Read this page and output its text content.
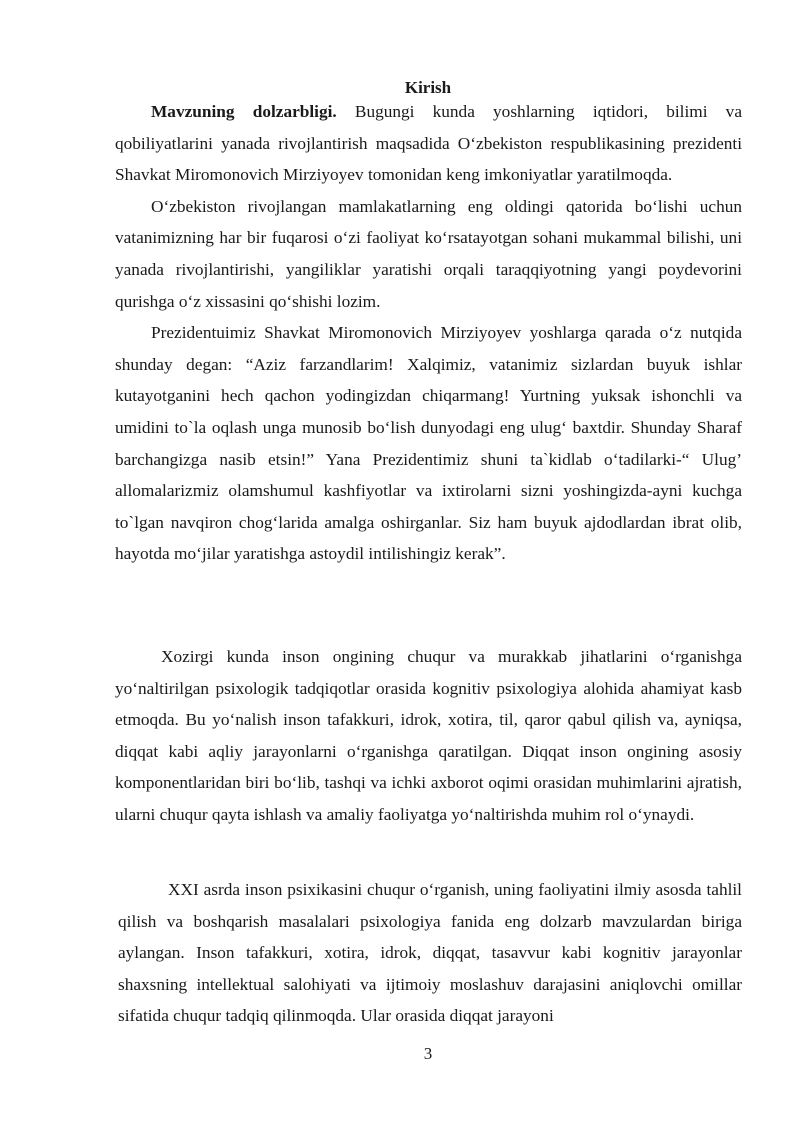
Kirish

Mavzuning dolzarbligi. Bugungi kunda yoshlarning iqtidori, bilimi va qobiliyatlarini yanada rivojlantirish maqsadida O‘zbekiston respublikasining prezidenti Shavkat Miromonovich Mirziyoyev tomonidan keng imkoniyatlar yaratilmoqda.

O‘zbekiston rivojlangan mamlakatlarning eng oldingi qatorida bo‘lishi uchun vatanimizning har bir fuqarosi o‘zi faoliyat ko‘rsatayotgan sohani mukammal bilishi, uni yanada rivojlantirishi, yangiliklar yaratishi orqali taraqqiyotning yangi poydevorini qurishga o‘z xissasini qo‘shishi lozim.

Prezidentuimiz Shavkat Miromonovich Mirziyoyev yoshlarga qarada o‘z nutqida shunday degan: “Aziz farzandlarim! Xalqimiz, vatanimiz sizlardan buyuk ishlar kutayotganini hech qachon yodingizdan chiqarmang! Yurtning yuksak ishonchli va umidini to`la oqlash unga munosib bo‘lish dunyodagi eng ulug‘ baxtdir. Shunday Sharaf barchangizga nasib etsin!” Yana Prezidentimiz shuni ta`kidlab o‘tadilarki-“ Ulug’ allomalarizmiz olamshumul kashfiyotlar va ixtirolarni sizni yoshingizda-ayni kuchga to`lgan navqiron chog‘larida amalga oshirganlar. Siz ham buyuk ajdodlardan ibrat olib, hayotda mo‘jilar yaratishga astoydil intilishingiz kerak”.

Xozirgi kunda inson ongining chuqur va murakkab jihatlarini o‘rganishga yo‘naltirilgan psixologik tadqiqotlar orasida kognitiv psixologiya alohida ahamiyat kasb etmoqda. Bu yo‘nalish inson tafakkuri, idrok, xotira, til, qaror qabul qilish va, ayniqsa, diqqat kabi aqliy jarayonlarni o‘rganishga qaratilgan. Diqqat inson ongining asosiy komponentlaridan biri bo‘lib, tashqi va ichki axborot oqimi orasidan muhimlarini ajratish, ularni chuqur qayta ishlash va amaliy faoliyatga yo‘naltirishda muhim rol o‘ynaydi.

XXI asrda inson psixikasini chuqur o‘rganish, uning faoliyatini ilmiy asosda tahlil qilish va boshqarish masalalari psixologiya fanida eng dolzarb mavzulardan biriga aylangan. Inson tafakkuri, xotira, idrok, diqqat, tasavvur kabi kognitiv jarayonlar shaxsning intellektual salohiyati va ijtimoiy moslashuv darajasini aniqlovchi omillar sifatida chuqur tadqiq qilinmoqda. Ular orasida diqqat jarayoni

3
